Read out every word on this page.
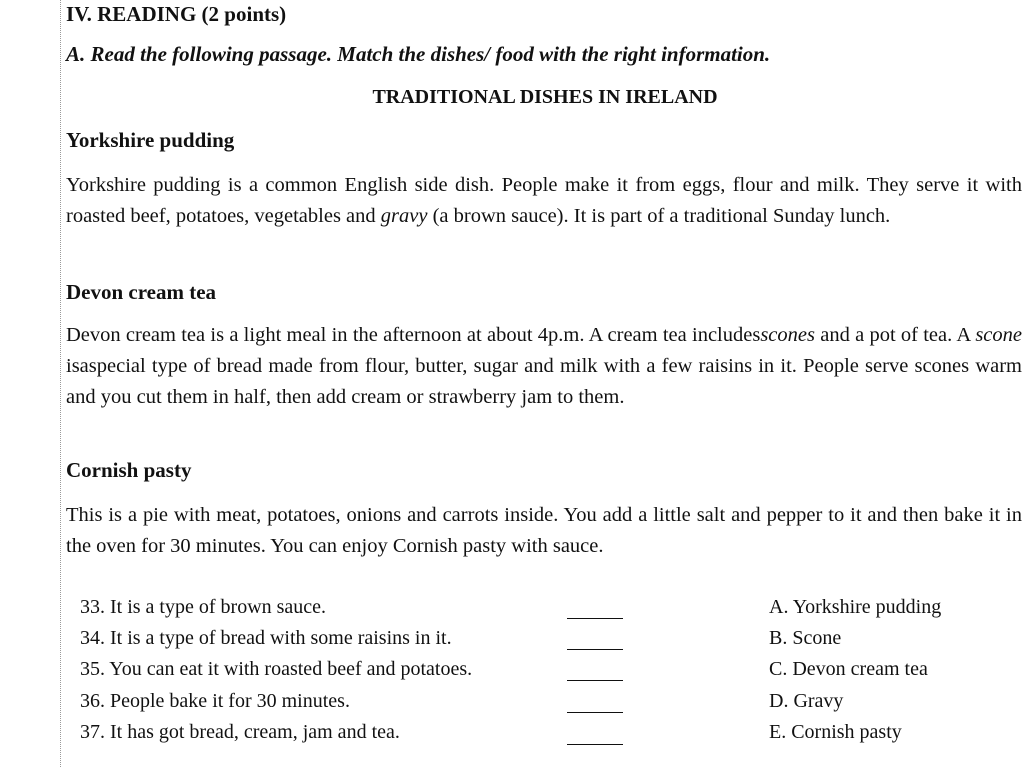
IV. READING (2 points)
A. Read the following passage. Match the dishes/ food with the right information.
TRADITIONAL DISHES IN IRELAND
Yorkshire pudding
Yorkshire pudding is a common English side dish. People make it from eggs, flour and milk. They serve it with roasted beef, potatoes, vegetables and gravy (a brown sauce). It is part of a traditional Sunday lunch.
Devon cream tea
Devon cream tea is a light meal in the afternoon at about 4p.m. A cream tea includesscones and a pot of tea. A scone isaspecial type of bread made from flour, butter, sugar and milk with a few raisins in it. People serve scones warm and you cut them in half, then add cream or strawberry jam to them.
Cornish pasty
This is a pie with meat, potatoes, onions and carrots inside. You add a little salt and pepper to it and then bake it in the oven for 30 minutes. You can enjoy Cornish pasty with sauce.
33. It is a type of brown sauce.
34. It is a type of bread with some raisins in it.
35. You can eat it with roasted beef and potatoes.
36. People bake it for 30 minutes.
37. It has got bread, cream, jam and tea.
A. Yorkshire pudding
B. Scone
C. Devon cream tea
D. Gravy
E. Cornish pasty
